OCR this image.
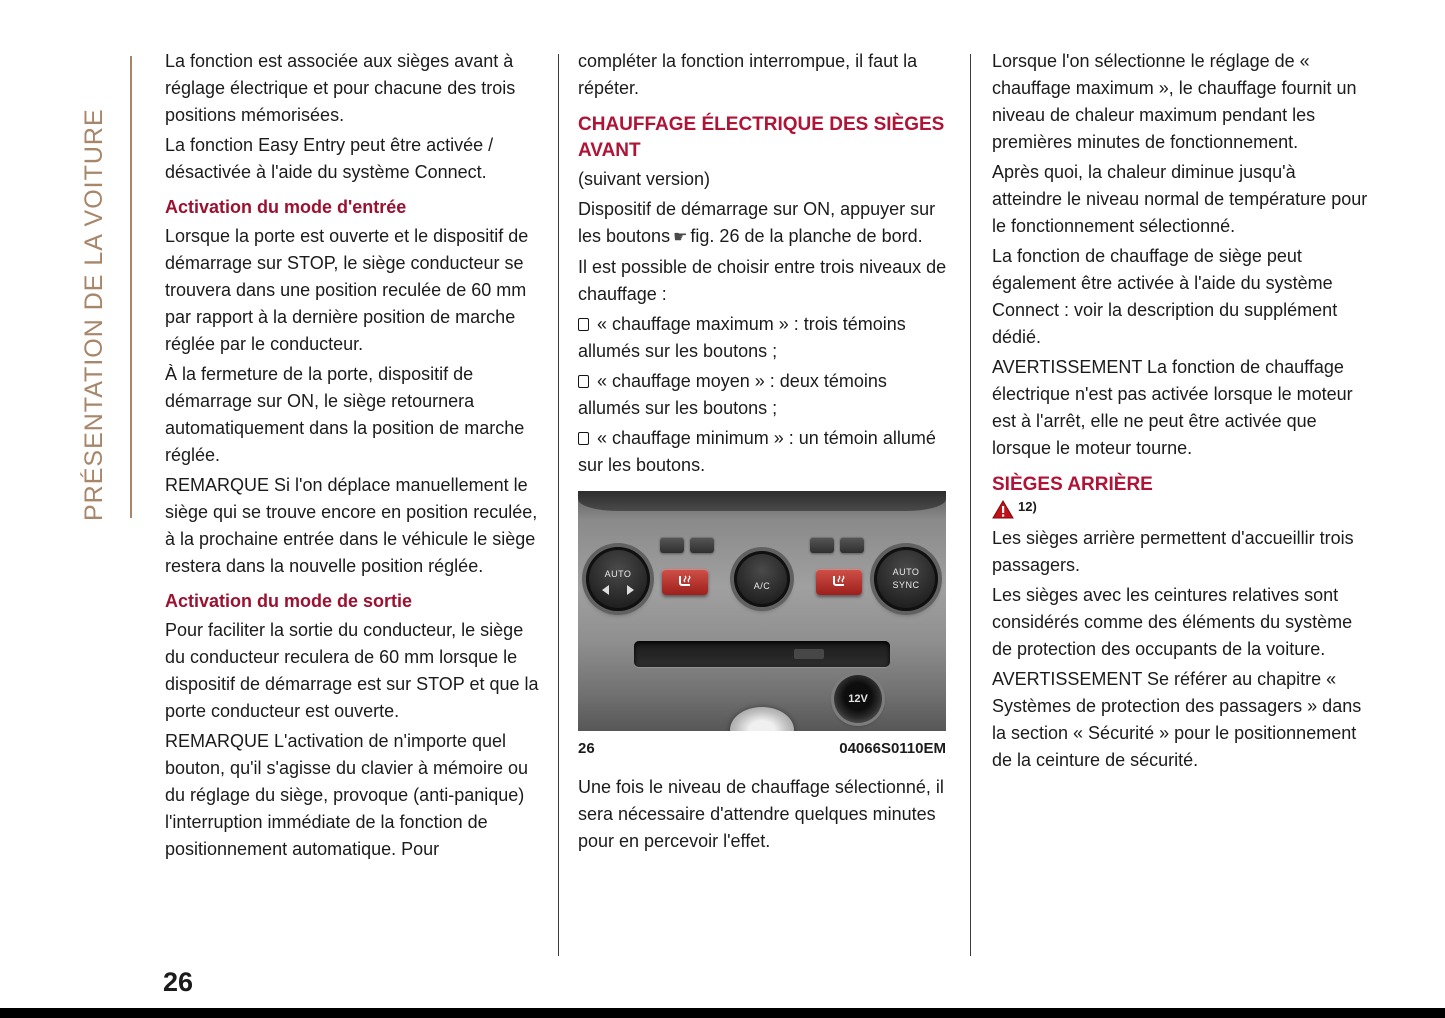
PRÉSENTATION DE LA VOITURE

La fonction est associée aux sièges avant à réglage électrique et pour chacune des trois positions mémorisées.

La fonction Easy Entry peut être activée / désactivée à l'aide du système Connect.

Activation du mode d'entrée

Lorsque la porte est ouverte et le dispositif de démarrage sur STOP, le siège conducteur se trouvera dans une position reculée de 60 mm par rapport à la dernière position de marche réglée par le conducteur.

À la fermeture de la porte, dispositif de démarrage sur ON, le siège retournera automatiquement dans la position de marche réglée.

REMARQUE Si l'on déplace manuellement le siège qui se trouve encore en position reculée, à la prochaine entrée dans le véhicule le siège restera dans la nouvelle position réglée.

Activation du mode de sortie

Pour faciliter la sortie du conducteur, le siège du conducteur reculera de 60 mm lorsque le dispositif de démarrage est sur STOP et que la porte conducteur est ouverte.

REMARQUE L'activation de n'importe quel bouton, qu'il s'agisse du clavier à mémoire ou du réglage du siège, provoque (anti-panique) l'interruption immédiate de la fonction de positionnement automatique. Pour

compléter la fonction interrompue, il faut la répéter.

CHAUFFAGE ÉLECTRIQUE DES SIÈGES AVANT

(suivant version)

Dispositif de démarrage sur ON, appuyer sur les boutons ☛ fig. 26 de la planche de bord.

Il est possible de choisir entre trois niveaux de chauffage :

« chauffage maximum » : trois témoins allumés sur les boutons ;

« chauffage moyen » : deux témoins allumés sur les boutons ;

« chauffage minimum » : un témoin allumé sur les boutons.

AUTO
A/C
AUTO
SYNC
12V
26	04066S0110EM

Une fois le niveau de chauffage sélectionné, il sera nécessaire d'attendre quelques minutes pour en percevoir l'effet.

Lorsque l'on sélectionne le réglage de « chauffage maximum », le chauffage fournit un niveau de chaleur maximum pendant les premières minutes de fonctionnement.

Après quoi, la chaleur diminue jusqu'à atteindre le niveau normal de température pour le fonctionnement sélectionné.

La fonction de chauffage de siège peut également être activée à l'aide du système Connect : voir la description du supplément dédié.

AVERTISSEMENT La fonction de chauffage électrique n'est pas activée lorsque le moteur est à l'arrêt, elle ne peut être activée que lorsque le moteur tourne.

SIÈGES ARRIÈRE
12)

Les sièges arrière permettent d'accueillir trois passagers.

Les sièges avec les ceintures relatives sont considérés comme des éléments du système de protection des occupants de la voiture.

AVERTISSEMENT Se référer au chapitre « Systèmes de protection des passagers » dans la section « Sécurité » pour le positionnement de la ceinture de sécurité.

26
